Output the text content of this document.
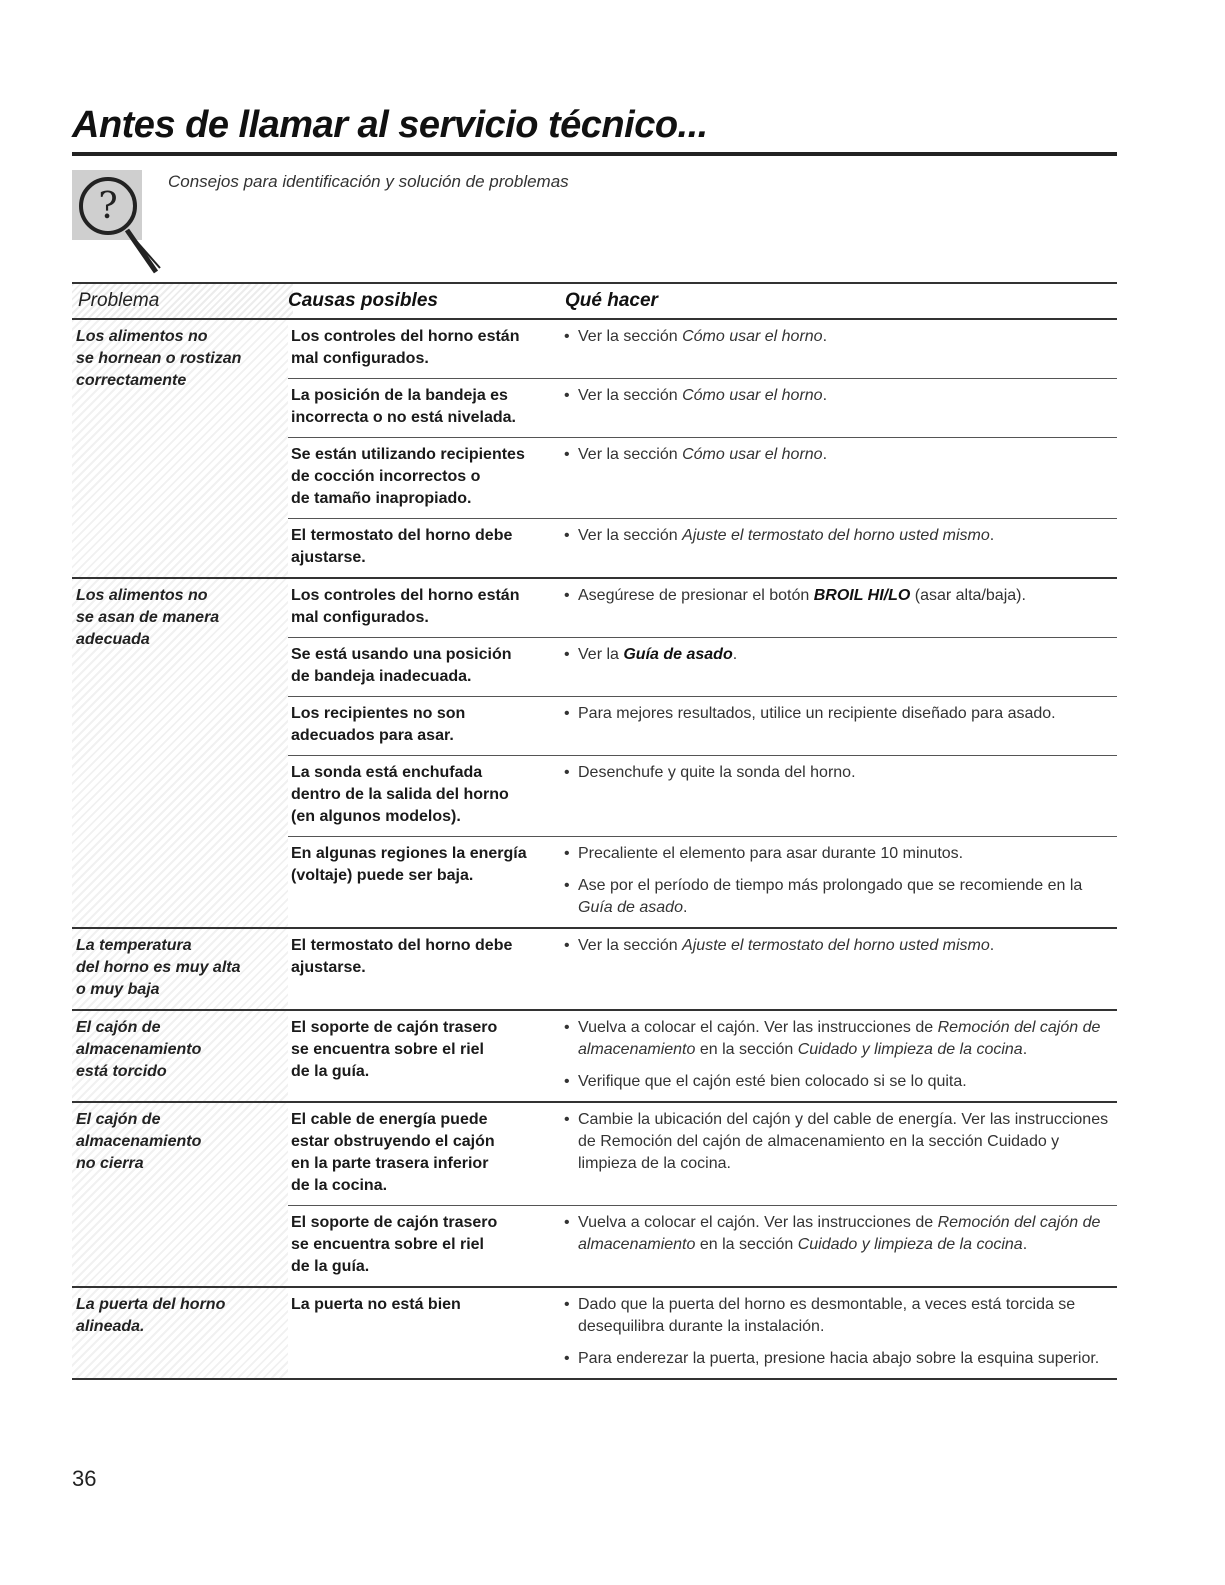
Antes de llamar al servicio técnico...
?
Consejos para identificación y solución de problemas
Problema	Causas posibles	Qué hacer
Los alimentos no
se hornean o rostizan
correctamente
Los controles del horno están
mal configurados.
• Ver la sección Cómo usar el horno.
La posición de la bandeja es
incorrecta o no está nivelada.
• Ver la sección Cómo usar el horno.
Se están utilizando recipientes
de cocción incorrectos o
de tamaño inapropiado.
• Ver la sección Cómo usar el horno.
El termostato del horno debe
ajustarse.
• Ver la sección Ajuste el termostato del horno usted mismo.
Los alimentos no
se asan de manera
adecuada
Los controles del horno están
mal configurados.
• Asegúrese de presionar el botón BROIL HI/LO (asar alta/baja).
Se está usando una posición
de bandeja inadecuada.
• Ver la Guía de asado.
Los recipientes no son
adecuados para asar.
• Para mejores resultados, utilice un recipiente diseñado para asado.
La sonda está enchufada
dentro de la salida del horno
(en algunos modelos).
• Desenchufe y quite la sonda del horno.
En algunas regiones la energía
(voltaje) puede ser baja.
• Precaliente el elemento para asar durante 10 minutos.
• Ase por el período de tiempo más prolongado que se recomiende en la Guía de asado.
La temperatura
del horno es muy alta
o muy baja
El termostato del horno debe
ajustarse.
• Ver la sección Ajuste el termostato del horno usted mismo.
El cajón de
almacenamiento
está torcido
El soporte de cajón trasero
se encuentra sobre el riel
de la guía.
• Vuelva a colocar el cajón. Ver las instrucciones de Remoción del cajón de almacenamiento en la sección Cuidado y limpieza de la cocina.
• Verifique que el cajón esté bien colocado si se lo quita.
El cajón de
almacenamiento
no cierra
El cable de energía puede
estar obstruyendo el cajón
en la parte trasera inferior
de la cocina.
• Cambie la ubicación del cajón y del cable de energía. Ver las instrucciones de Remoción del cajón de almacenamiento en la sección Cuidado y limpieza de la cocina.
El soporte de cajón trasero
se encuentra sobre el riel
de la guía.
• Vuelva a colocar el cajón. Ver las instrucciones de Remoción del cajón de almacenamiento en la sección Cuidado y limpieza de la cocina.
La puerta del horno
alineada.
La puerta no está bien
•	Dado que la puerta del horno es desmontable, a veces está torcida se desequilibra durante la instalación.
• Para enderezar la puerta, presione hacia abajo sobre la esquina superior.
36
